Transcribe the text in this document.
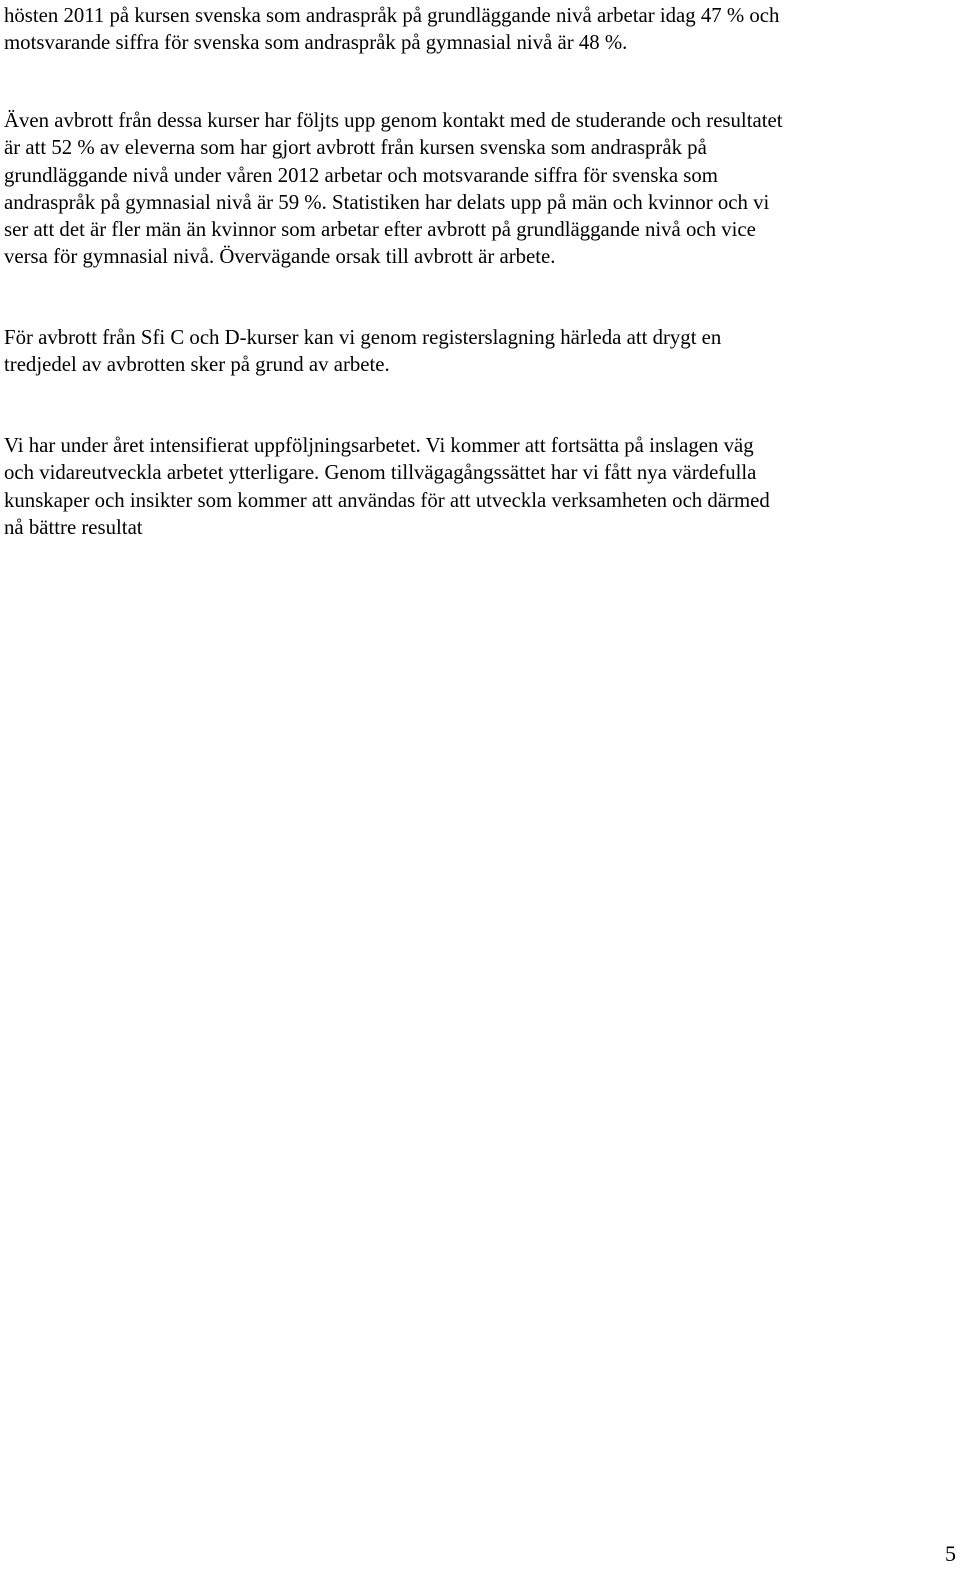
hösten 2011 på kursen svenska som andraspråk på grundläggande nivå arbetar idag 47 % och
motsvarande siffra för svenska som andraspråk på gymnasial nivå är 48 %.

Även avbrott från dessa kurser har följts upp genom kontakt med de studerande och resultatet
är att 52 % av eleverna som har gjort avbrott från kursen svenska som andraspråk på
grundläggande nivå under våren 2012 arbetar och motsvarande siffra för svenska som
andraspråk på gymnasial nivå är 59 %. Statistiken har delats upp på män och kvinnor och vi
ser att det är fler män än kvinnor som arbetar efter avbrott på grundläggande nivå och vice
versa för gymnasial nivå. Övervägande orsak till avbrott är arbete.

För avbrott från Sfi C och D-kurser kan vi genom registerslagning härleda att drygt en
tredjedel av avbrotten sker på grund av arbete.

Vi har under året intensifierat uppföljningsarbetet. Vi kommer att fortsätta på inslagen väg
och vidareutveckla arbetet ytterligare. Genom tillvägagångssättet har vi fått nya värdefulla
kunskaper och insikter som kommer att användas för att utveckla verksamheten och därmed
nå bättre resultat

5
